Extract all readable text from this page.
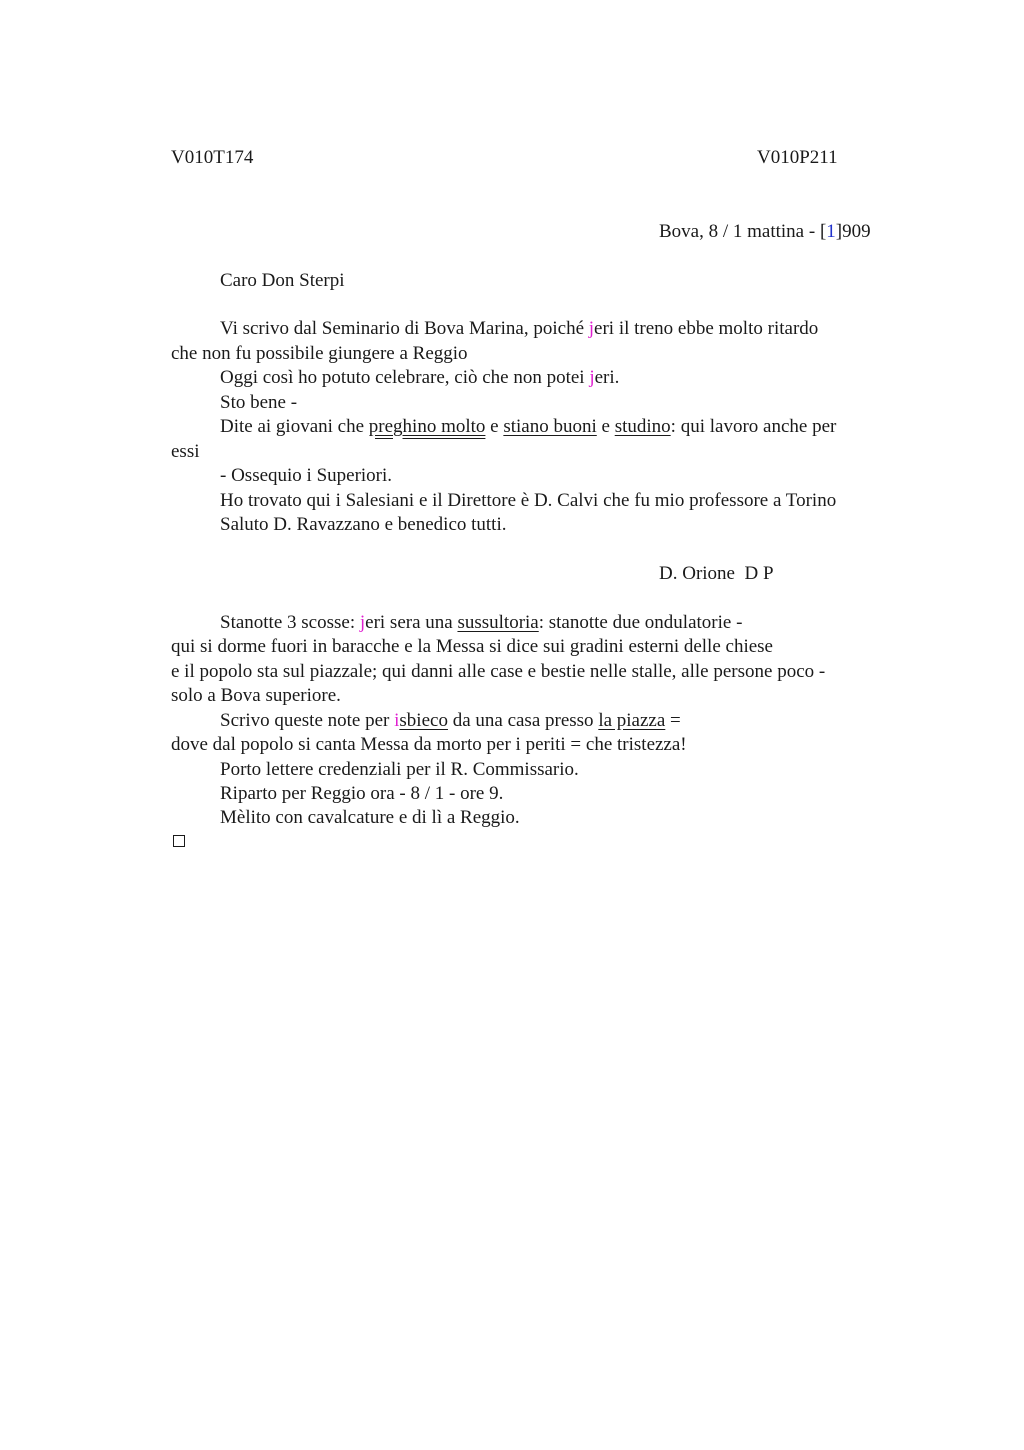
V010T174	V010P211
Bova, 8 / 1 mattina - [1]909
Caro Don Sterpi
Vi scrivo dal Seminario di Bova Marina, poiché jeri il treno ebbe molto ritardo
che non fu possibile giungere a Reggio
Oggi così ho potuto celebrare, ciò che non potei jeri.
Sto bene -
Dite ai giovani che preghino molto e stiano buoni e studino: qui lavoro anche per
essi
- Ossequio i Superiori.
Ho trovato qui i Salesiani e il Direttore è D. Calvi che fu mio professore a Torino
Saluto D. Ravazzano e benedico tutti.
D. Orione  D P
Stanotte 3 scosse: jeri sera una sussultoria: stanotte due ondulatorie -
qui si dorme fuori in baracche e la Messa si dice sui gradini esterni delle chiese
e il popolo sta sul piazzale; qui danni alle case e bestie nelle stalle, alle persone poco -
solo a Bova superiore.
Scrivo queste note per isbieco da una casa presso la piazza =
dove dal popolo si canta Messa da morto per i periti = che tristezza!
Porto lettere credenziali per il R. Commissario.
Riparto per Reggio ora - 8 / 1 - ore 9.
Mèlito con cavalcature e di lì a Reggio.
